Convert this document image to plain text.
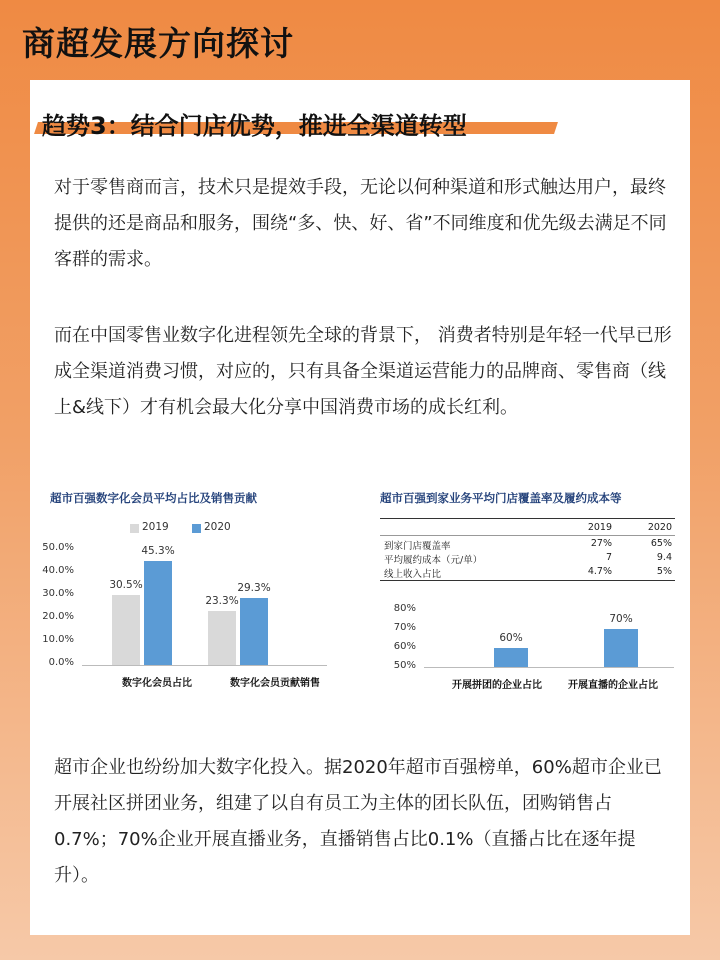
商超发展方向探讨
趋势3：结合门店优势，推进全渠道转型
对于零售商而言，技术只是提效手段，无论以何种渠道和形式触达用户，最终提供的还是商品和服务，围绕“多、快、好、省”不同维度和优先级去满足不同客群的需求。
而在中国零售业数字化进程领先全球的背景下， 消费者特别是年轻一代早已形成全渠道消费习惯，对应的，只有具备全渠道运营能力的品牌商、零售商（线上&线下）才有机会最大化分享中国消费市场的成长红利。
超市百强数字化会员平均占比及销售贡献
2019	2020
50.0%
40.0%
30.0%
20.0%
10.0%
0.0%
30.5%
45.3%
23.3%
29.3%
数字化会员占比	数字化会员贡献销售
超市百强到家业务平均门店覆盖率及履约成本等
2019	2020
到家门店覆盖率	27%	65%
平均履约成本（元/单）	7	9.4
线上收入占比	4.7%	5%
80%
70%
60%
50%
60%
70%
开展拼团的企业占比	开展直播的企业占比
超市企业也纷纷加大数字化投入。据2020年超市百强榜单，60%超市企业已开展社区拼团业务，组建了以自有员工为主体的团长队伍，团购销售占0.7%；70%企业开展直播业务，直播销售占比0.1%（直播占比在逐年提升）。
